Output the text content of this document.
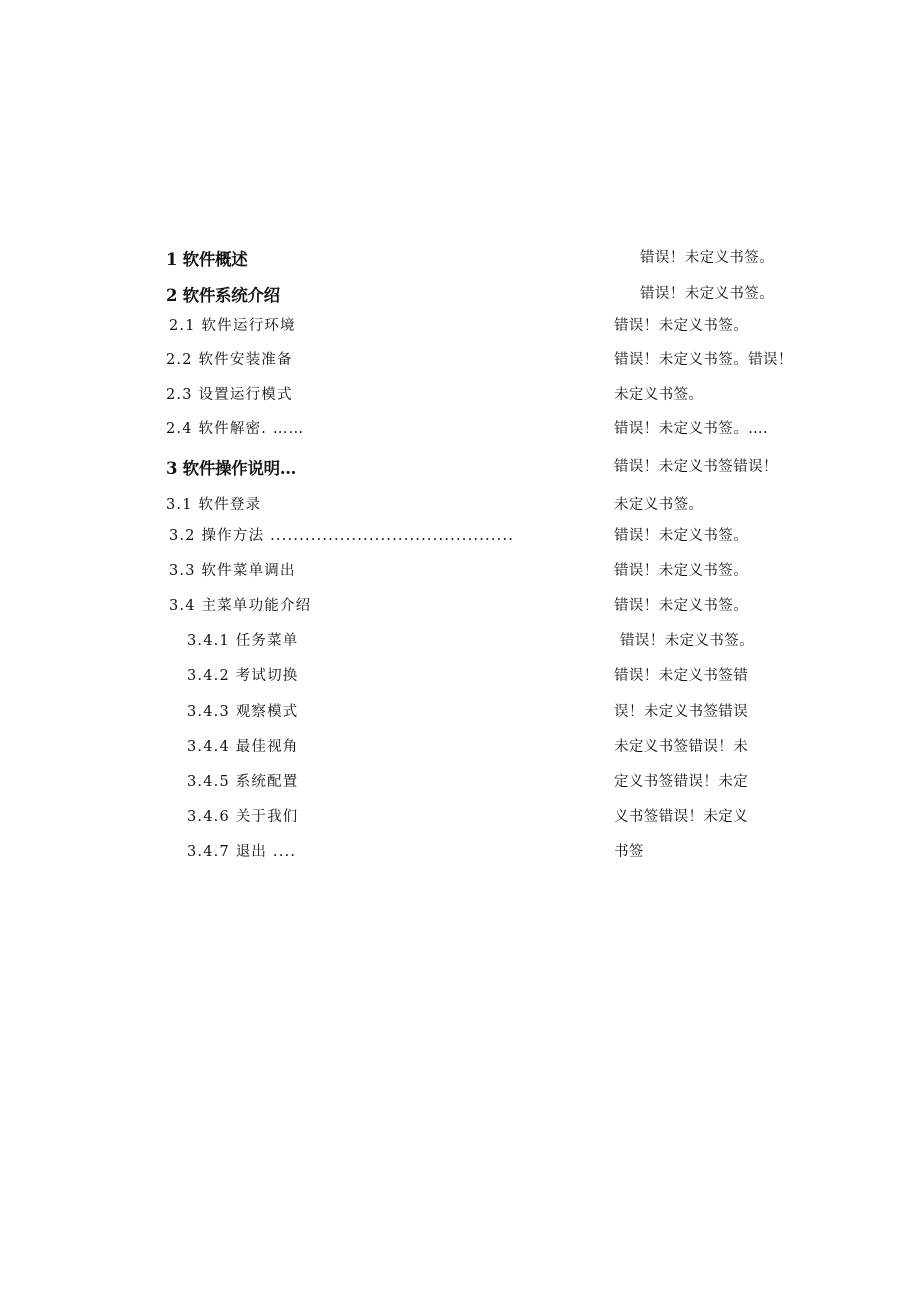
1 软件概述	错误！未定义书签。
2 软件系统介绍	错误！未定义书签。
2.1 软件运行环境	错误！未定义书签。
2.2 软件安装准备	错误！未定义书签。错误！
2.3 设置运行模式	未定义书签。
2.4 软件解密. ……	错误！未定义书签。….
3 软件操作说明…	错误！未定义书签错误！
3.1 软件登录	未定义书签。
3.2 操作方法 ..........................................	错误！未定义书签。
3.3 软件菜单调出	错误！未定义书签。
3.4 主菜单功能介绍	错误！未定义书签。
3.4.1 任务菜单	错误！未定义书签。
3.4.2 考试切换	错误！未定义书签错
3.4.3 观察模式	误！未定义书签错误
3.4.4 最佳视角	未定义书签错误！未
3.4.5 系统配置	定义书签错误！未定
3.4.6 关于我们	义书签错误！未定义
3.4.7 退出 ....	书签
